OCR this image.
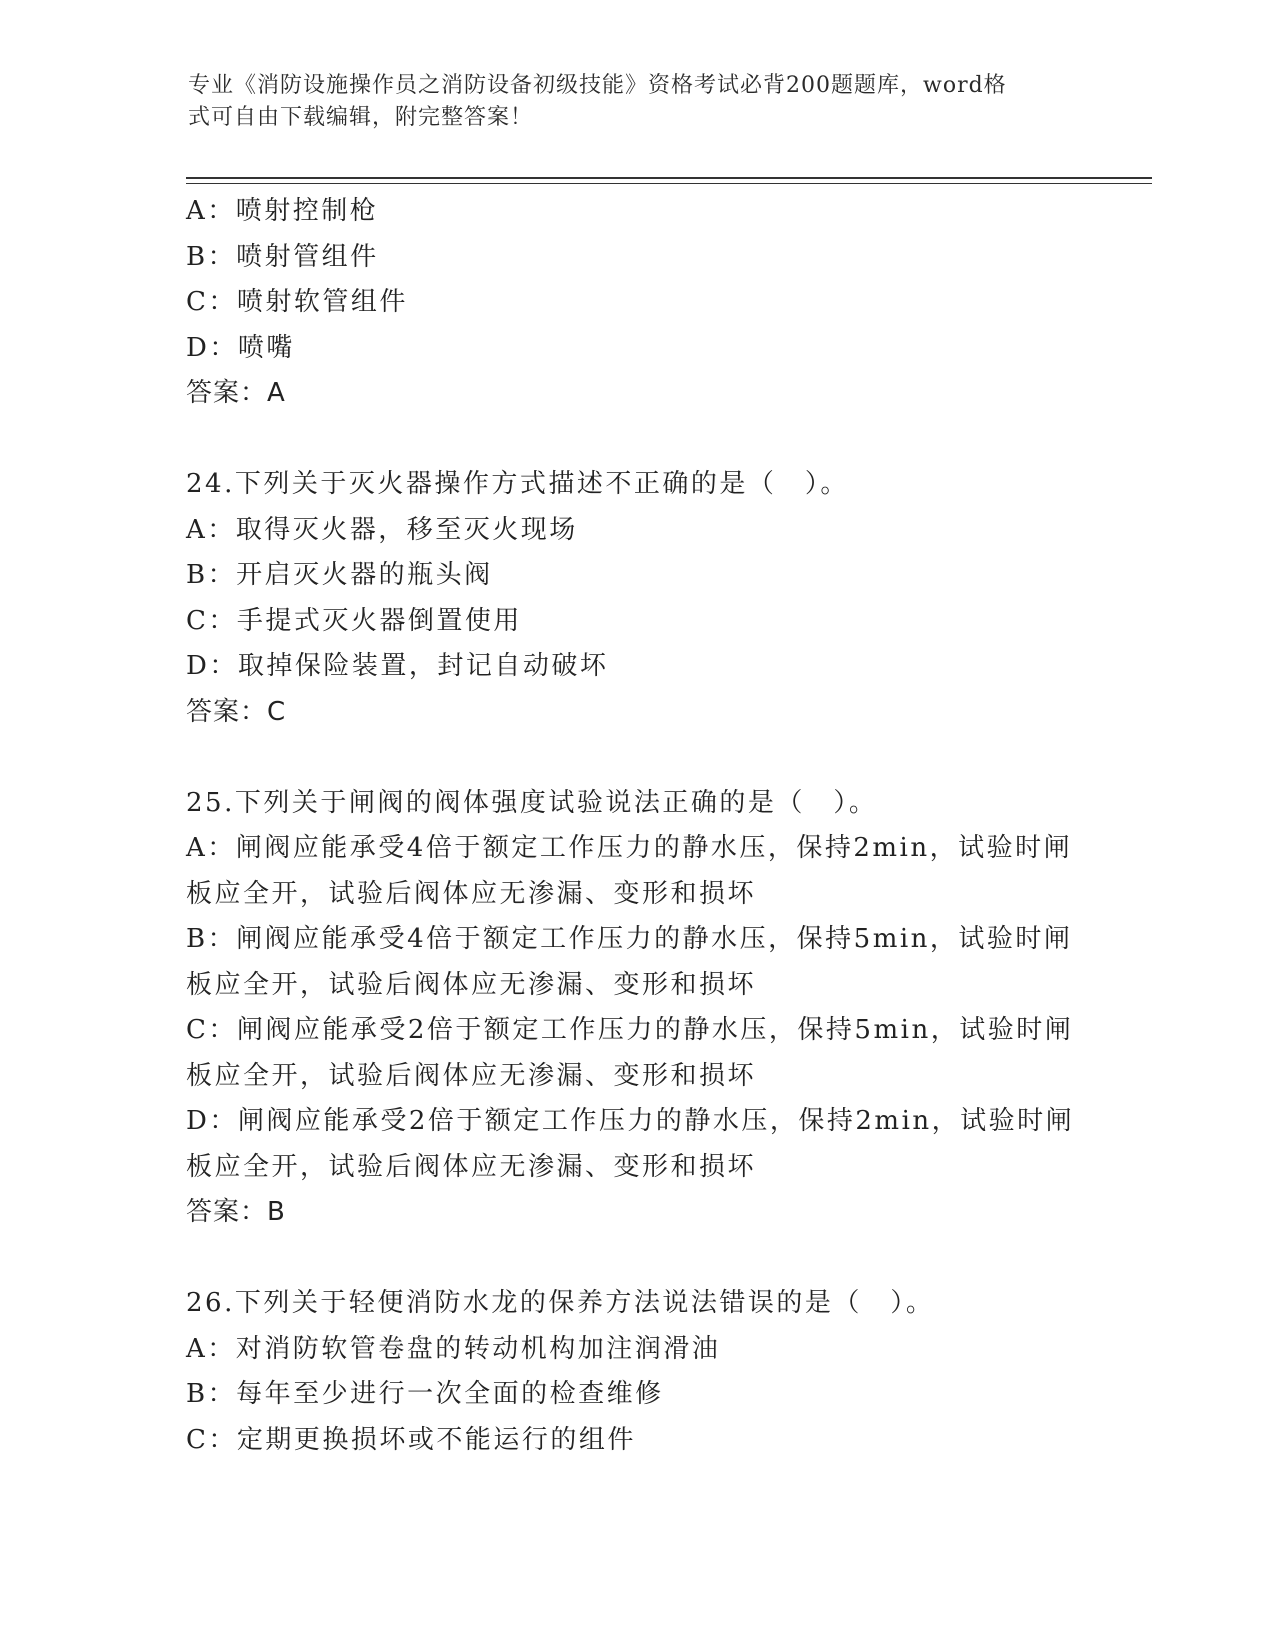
专业《消防设施操作员之消防设备初级技能》资格考试必背200题题库，word格
式可自由下载编辑，附完整答案！
A：喷射控制枪
B：喷射管组件
C：喷射软管组件
D：喷嘴
答案：A
24.下列关于灭火器操作方式描述不正确的是（　）。
A：取得灭火器，移至灭火现场
B：开启灭火器的瓶头阀
C：手提式灭火器倒置使用
D：取掉保险装置，封记自动破坏
答案：C
25.下列关于闸阀的阀体强度试验说法正确的是（　）。
A：闸阀应能承受4倍于额定工作压力的静水压，保持2min，试验时闸
板应全开，试验后阀体应无渗漏、变形和损坏
B：闸阀应能承受4倍于额定工作压力的静水压，保持5min，试验时闸
板应全开，试验后阀体应无渗漏、变形和损坏
C：闸阀应能承受2倍于额定工作压力的静水压，保持5min，试验时闸
板应全开，试验后阀体应无渗漏、变形和损坏
D：闸阀应能承受2倍于额定工作压力的静水压，保持2min，试验时闸
板应全开，试验后阀体应无渗漏、变形和损坏
答案：B
26.下列关于轻便消防水龙的保养方法说法错误的是（　）。
A：对消防软管卷盘的转动机构加注润滑油
B：每年至少进行一次全面的检查维修
C：定期更换损坏或不能运行的组件
